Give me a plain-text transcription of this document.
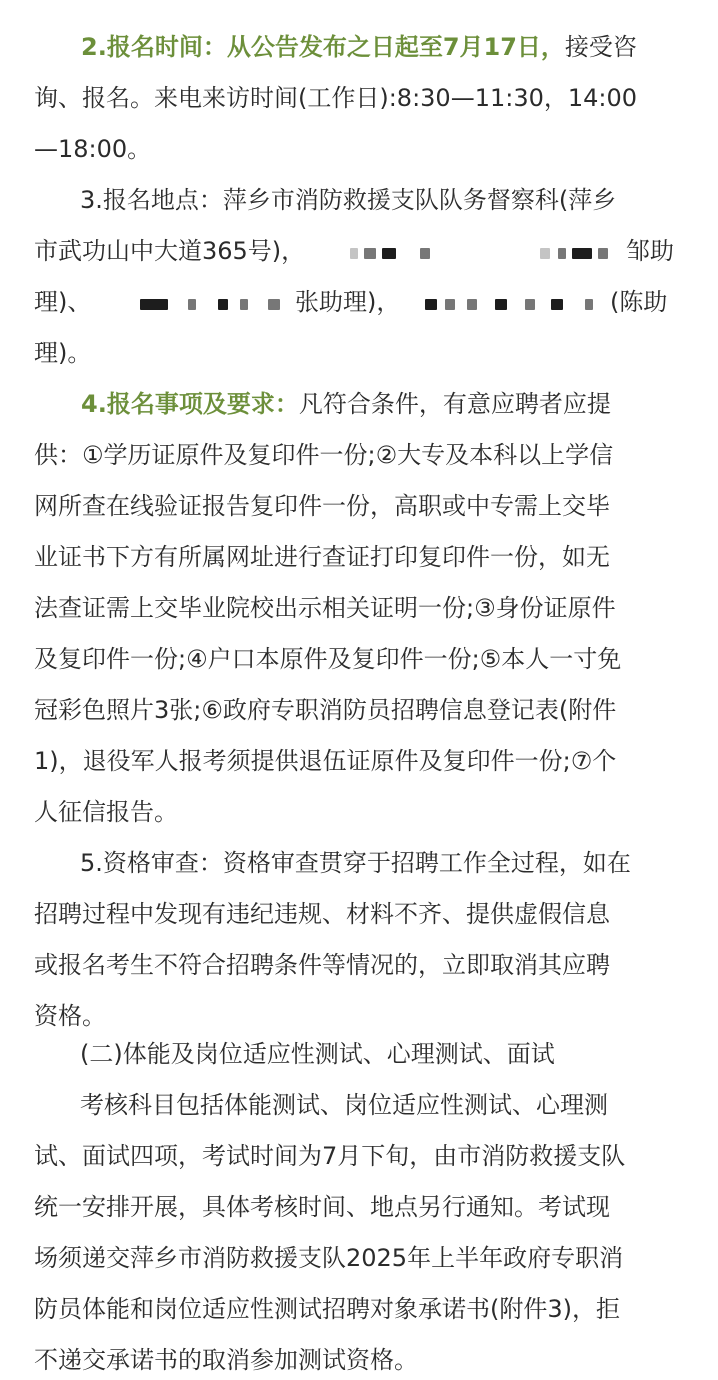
2.报名时间：从公告发布之日起至7月17日，接受咨
询、报名。来电来访时间(工作日):8:30—11:30，14:00
—18:00。
3.报名地点：萍乡市消防救援支队队务督察科(萍乡
市武功山中大道365号)，

	邹助
理)、

	张助理)，

	(陈助
理)。
4.报名事项及要求：凡符合条件，有意应聘者应提
供：①学历证原件及复印件一份;②大专及本科以上学信
网所查在线验证报告复印件一份，高职或中专需上交毕
业证书下方有所属网址进行查证打印复印件一份，如无
法查证需上交毕业院校出示相关证明一份;③身份证原件
及复印件一份;④户口本原件及复印件一份;⑤本人一寸免
冠彩色照片3张;⑥政府专职消防员招聘信息登记表(附件
1)，退役军人报考须提供退伍证原件及复印件一份;⑦个
人征信报告。
5.资格审查：资格审查贯穿于招聘工作全过程，如在
招聘过程中发现有违纪违规、材料不齐、提供虚假信息
或报名考生不符合招聘条件等情况的，立即取消其应聘
资格。
(二)体能及岗位适应性测试、心理测试、面试
考核科目包括体能测试、岗位适应性测试、心理测
试、面试四项，考试时间为7月下旬，由市消防救援支队
统一安排开展，具体考核时间、地点另行通知。考试现
场须递交萍乡市消防救援支队2025年上半年政府专职消
防员体能和岗位适应性测试招聘对象承诺书(附件3)，拒
不递交承诺书的取消参加测试资格。
